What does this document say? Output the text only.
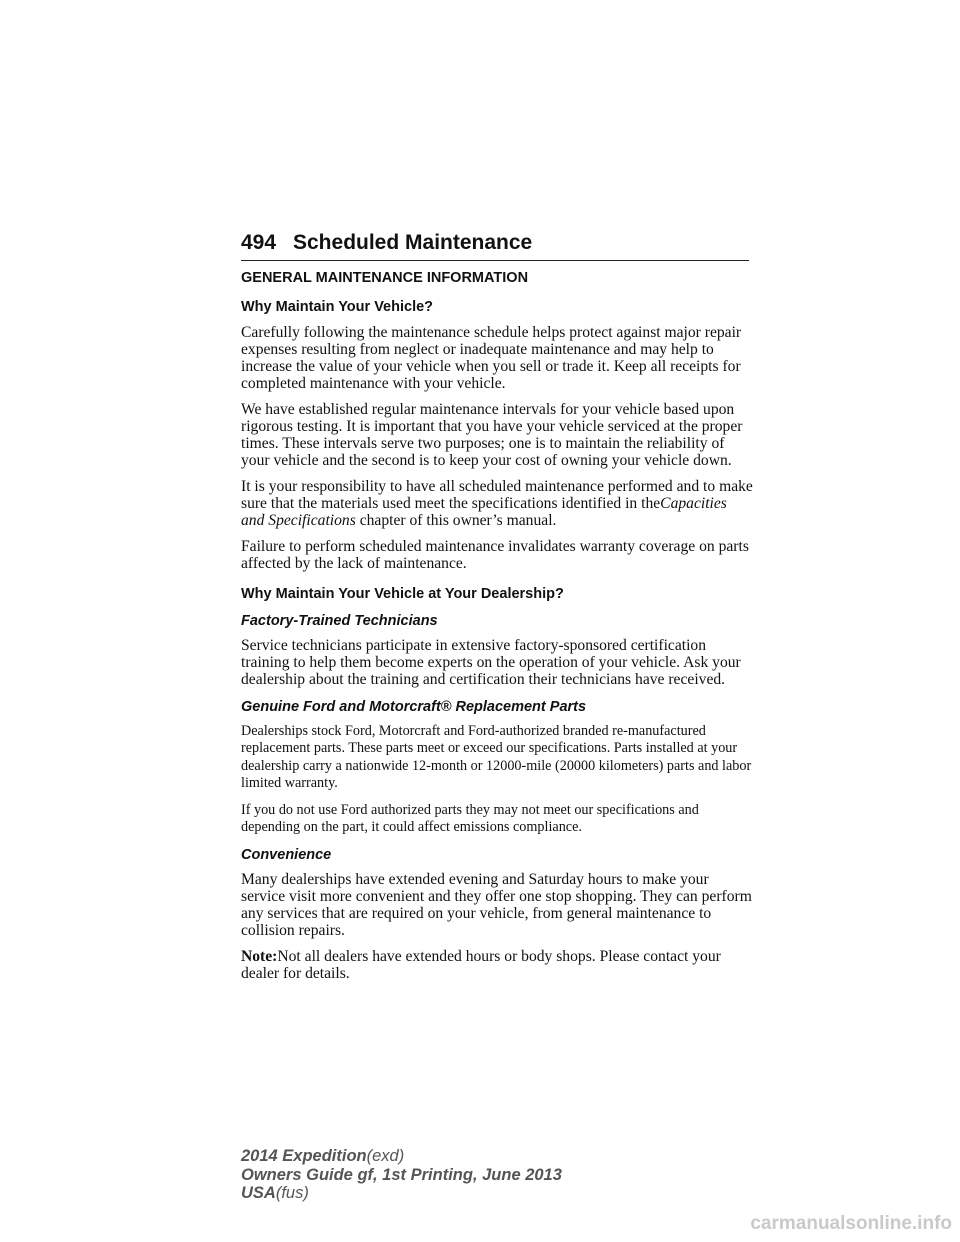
494 Scheduled Maintenance
GENERAL MAINTENANCE INFORMATION
Why Maintain Your Vehicle?

Carefully following the maintenance schedule helps protect against major repair expenses resulting from neglect or inadequate maintenance and may help to increase the value of your vehicle when you sell or trade it. Keep all receipts for completed maintenance with your vehicle.

We have established regular maintenance intervals for your vehicle based upon rigorous testing. It is important that you have your vehicle serviced at the proper times. These intervals serve two purposes; one is to maintain the reliability of your vehicle and the second is to keep your cost of owning your vehicle down.

It is your responsibility to have all scheduled maintenance performed and to make sure that the materials used meet the specifications identified in theCapacities and Specifications chapter of this owner’s manual.

Failure to perform scheduled maintenance invalidates warranty coverage on parts affected by the lack of maintenance.

Why Maintain Your Vehicle at Your Dealership?
Factory-Trained Technicians

Service technicians participate in extensive factory-sponsored certification training to help them become experts on the operation of your vehicle. Ask your dealership about the training and certification their technicians have received.

Genuine Ford and Motorcraft® Replacement Parts

Dealerships stock Ford, Motorcraft and Ford-authorized branded re-manufactured replacement parts. These parts meet or exceed our specifications. Parts installed at your dealership carry a nationwide 12-month or 12000-mile (20000 kilometers) parts and labor limited warranty.

If you do not use Ford authorized parts they may not meet our specifications and depending on the part, it could affect emissions compliance.

Convenience

Many dealerships have extended evening and Saturday hours to make your service visit more convenient and they offer one stop shopping. They can perform any services that are required on your vehicle, from general maintenance to collision repairs.

Note:Not all dealers have extended hours or body shops. Please contact your dealer for details.

2014 Expedition(exd)
Owners Guide gf, 1st Printing, June 2013
USA(fus)
carmanualsonline.info
